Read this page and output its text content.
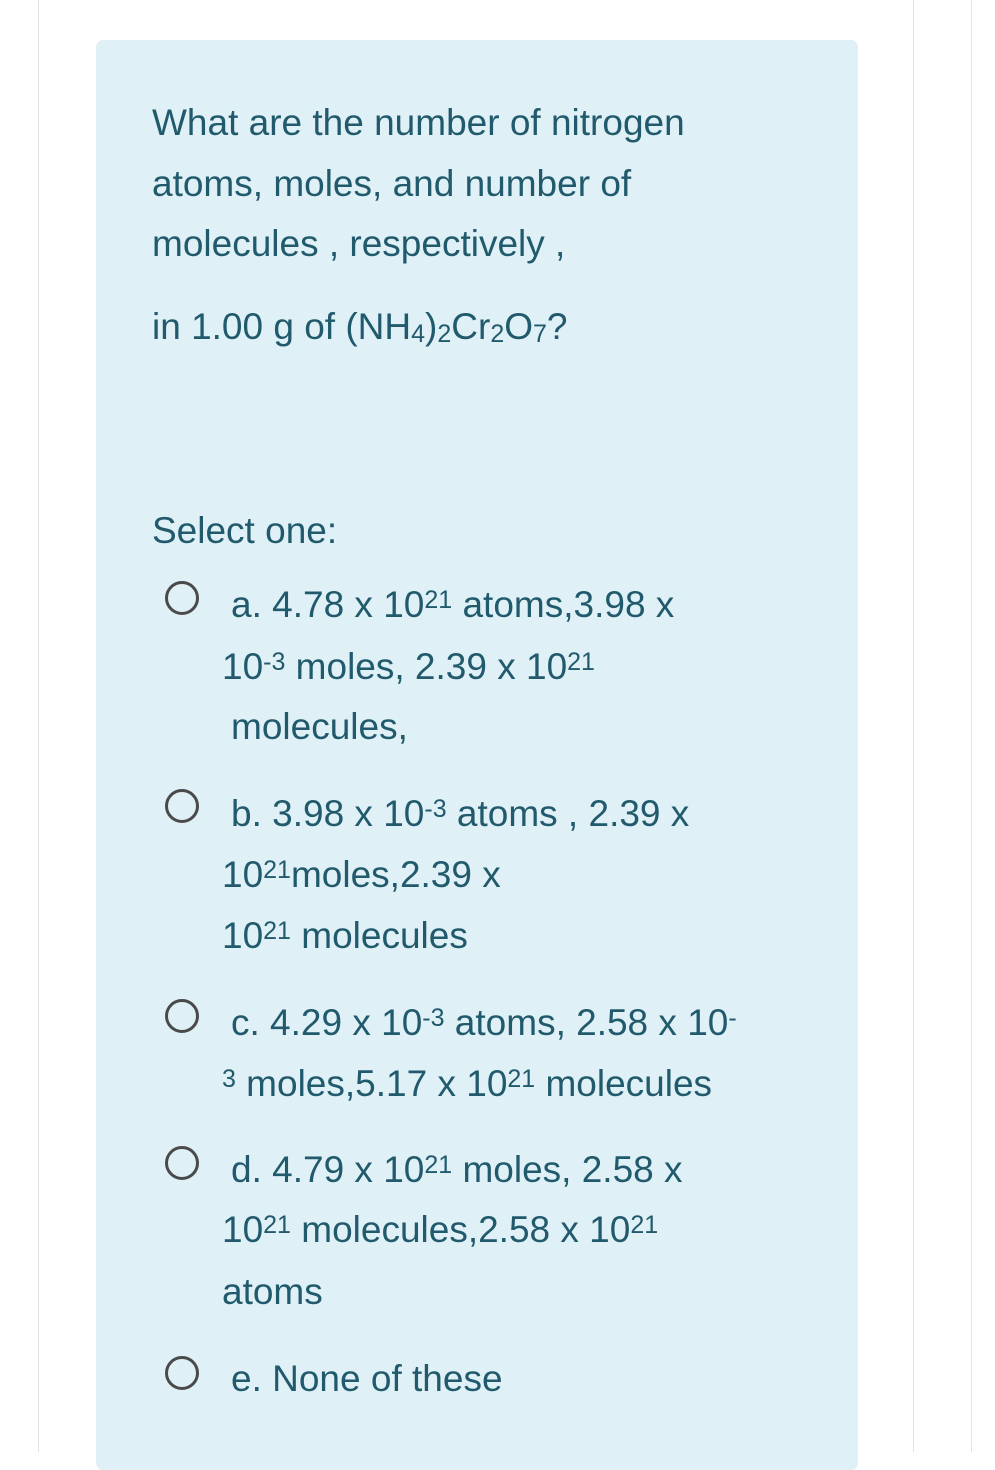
What are the number of nitrogen
atoms, moles, and number of
molecules , respectively ,
in 1.00 g of $(NH_4)_2Cr_2O_7$?
Select one:
a. 4.78 x $10^{21}$ atoms,3.98 x
$10^{-3}$ moles, 2.39 x $10^{21}$
molecules,
b. 3.98 x $10^{-3}$ atoms , 2.39 x
$10^{21}moles,2.39$ x
$10^{21}$ molecules
c. 4.29 x $10^{-3}$ atoms, 2.58 x 10-
$^3$ moles,5.17 x $10^{21}$ molecules
d. 4.79 x $10^{21}$ moles, 2.58 x
$10^{21}$ molecules,2.58 x $10^{21}$
atoms
e. None of these
